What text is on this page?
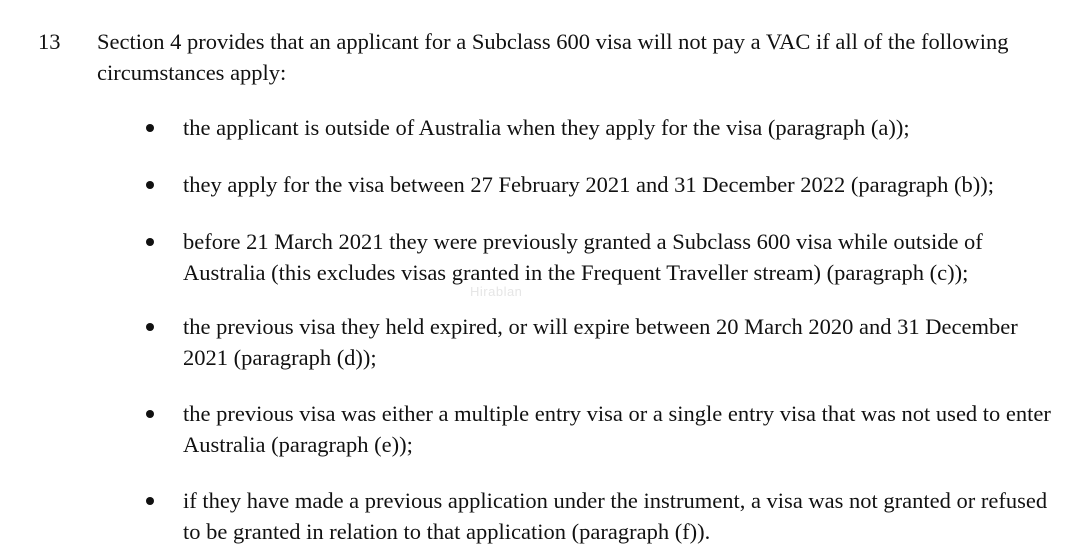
13 Section 4 provides that an applicant for a Subclass 600 visa will not pay a VAC if all of the following circumstances apply:
the applicant is outside of Australia when they apply for the visa (paragraph (a));
they apply for the visa between 27 February 2021 and 31 December 2022 (paragraph (b));
before 21 March 2021 they were previously granted a Subclass 600 visa while outside of Australia (this excludes visas granted in the Frequent Traveller stream) (paragraph (c));
the previous visa they held expired, or will expire between 20 March 2020 and 31 December 2021 (paragraph (d));
the previous visa was either a multiple entry visa or a single entry visa that was not used to enter Australia (paragraph (e));
if they have made a previous application under the instrument, a visa was not granted or refused to be granted in relation to that application (paragraph (f)).
Hirablan
